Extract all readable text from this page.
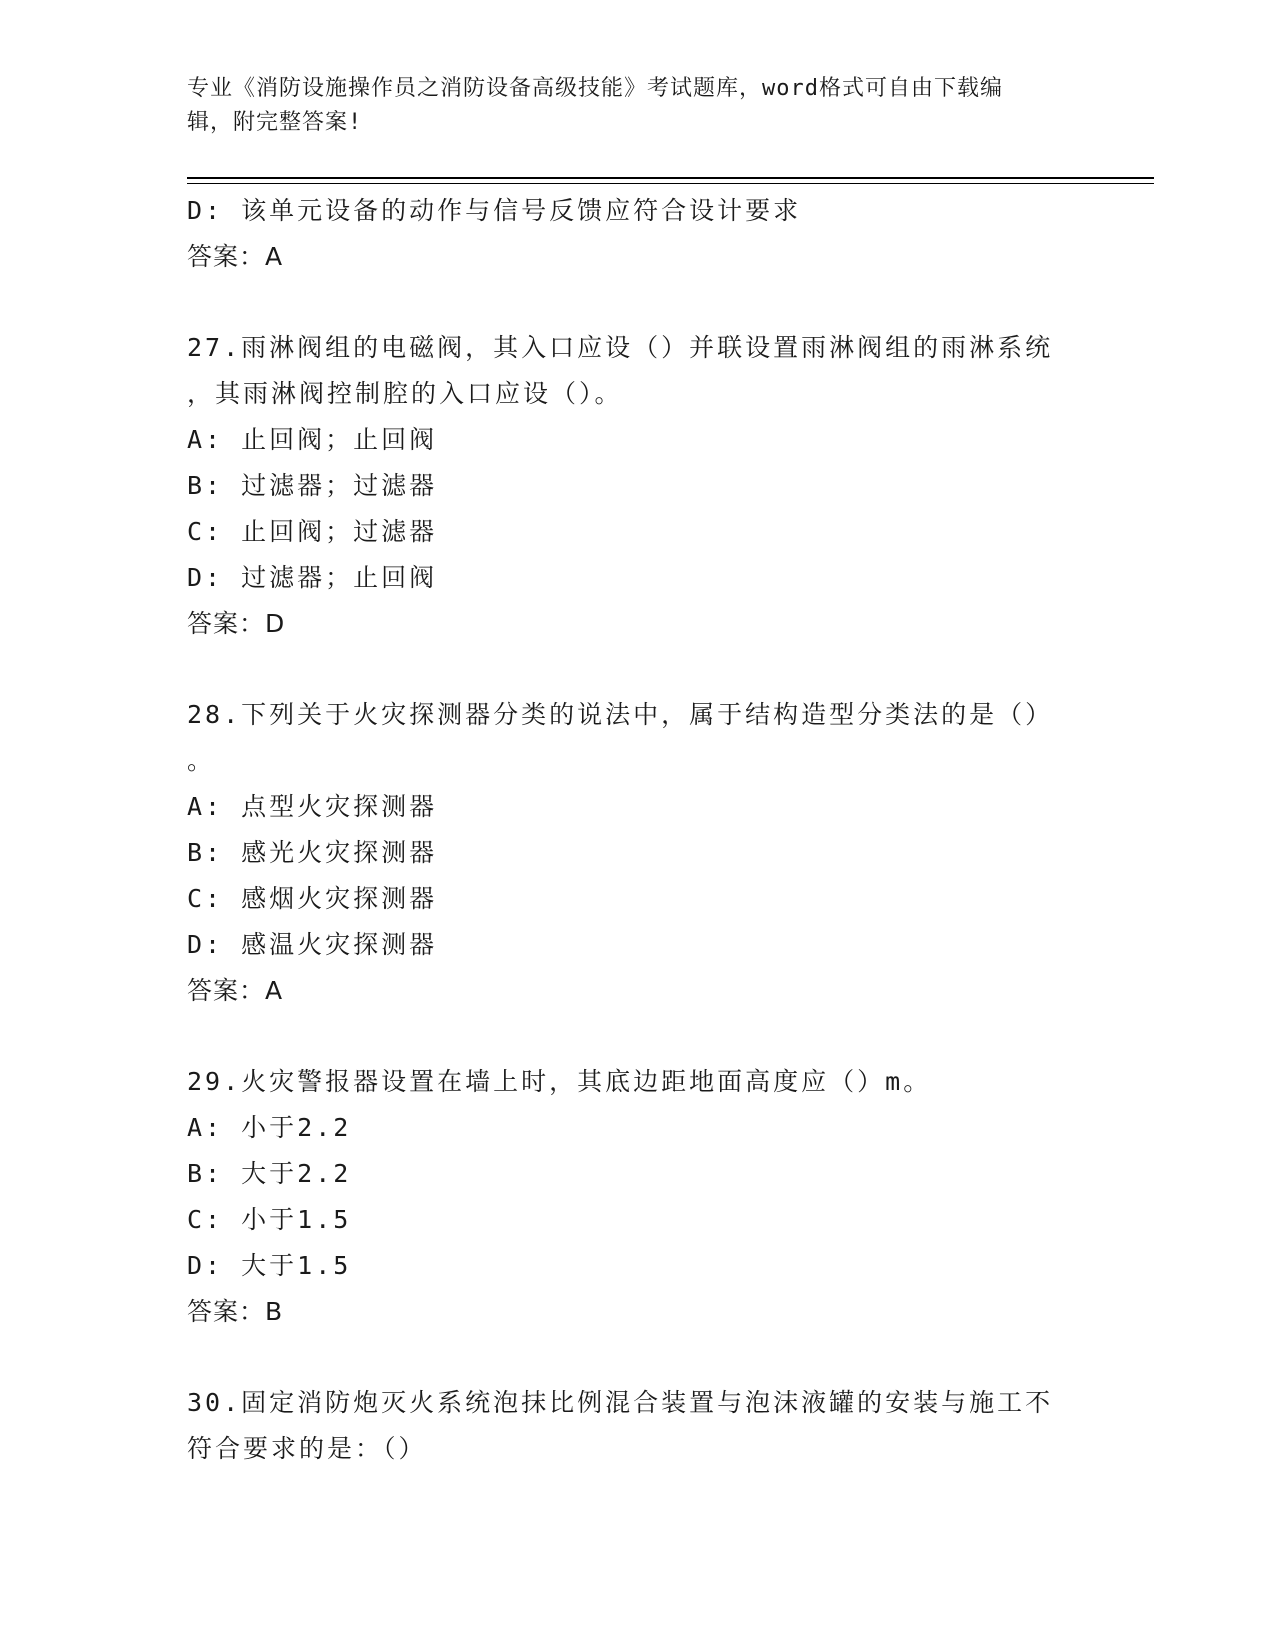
专业《消防设施操作员之消防设备高级技能》考试题库，word格式可自由下载编
辑，附完整答案!
D: 该单元设备的动作与信号反馈应符合设计要求
答案：A
27.雨淋阀组的电磁阀，其入口应设（）并联设置雨淋阀组的雨淋系统
，其雨淋阀控制腔的入口应设（）。
A: 止回阀；止回阀
B: 过滤器；过滤器
C: 止回阀；过滤器
D: 过滤器；止回阀
答案：D
28.下列关于火灾探测器分类的说法中，属于结构造型分类法的是（）
。
A: 点型火灾探测器
B: 感光火灾探测器
C: 感烟火灾探测器
D: 感温火灾探测器
答案：A
29.火灾警报器设置在墙上时，其底边距地面高度应（）m。
A: 小于2.2
B: 大于2.2
C: 小于1.5
D: 大于1.5
答案：B
30.固定消防炮灭火系统泡抹比例混合装置与泡沫液罐的安装与施工不
符合要求的是：（）
